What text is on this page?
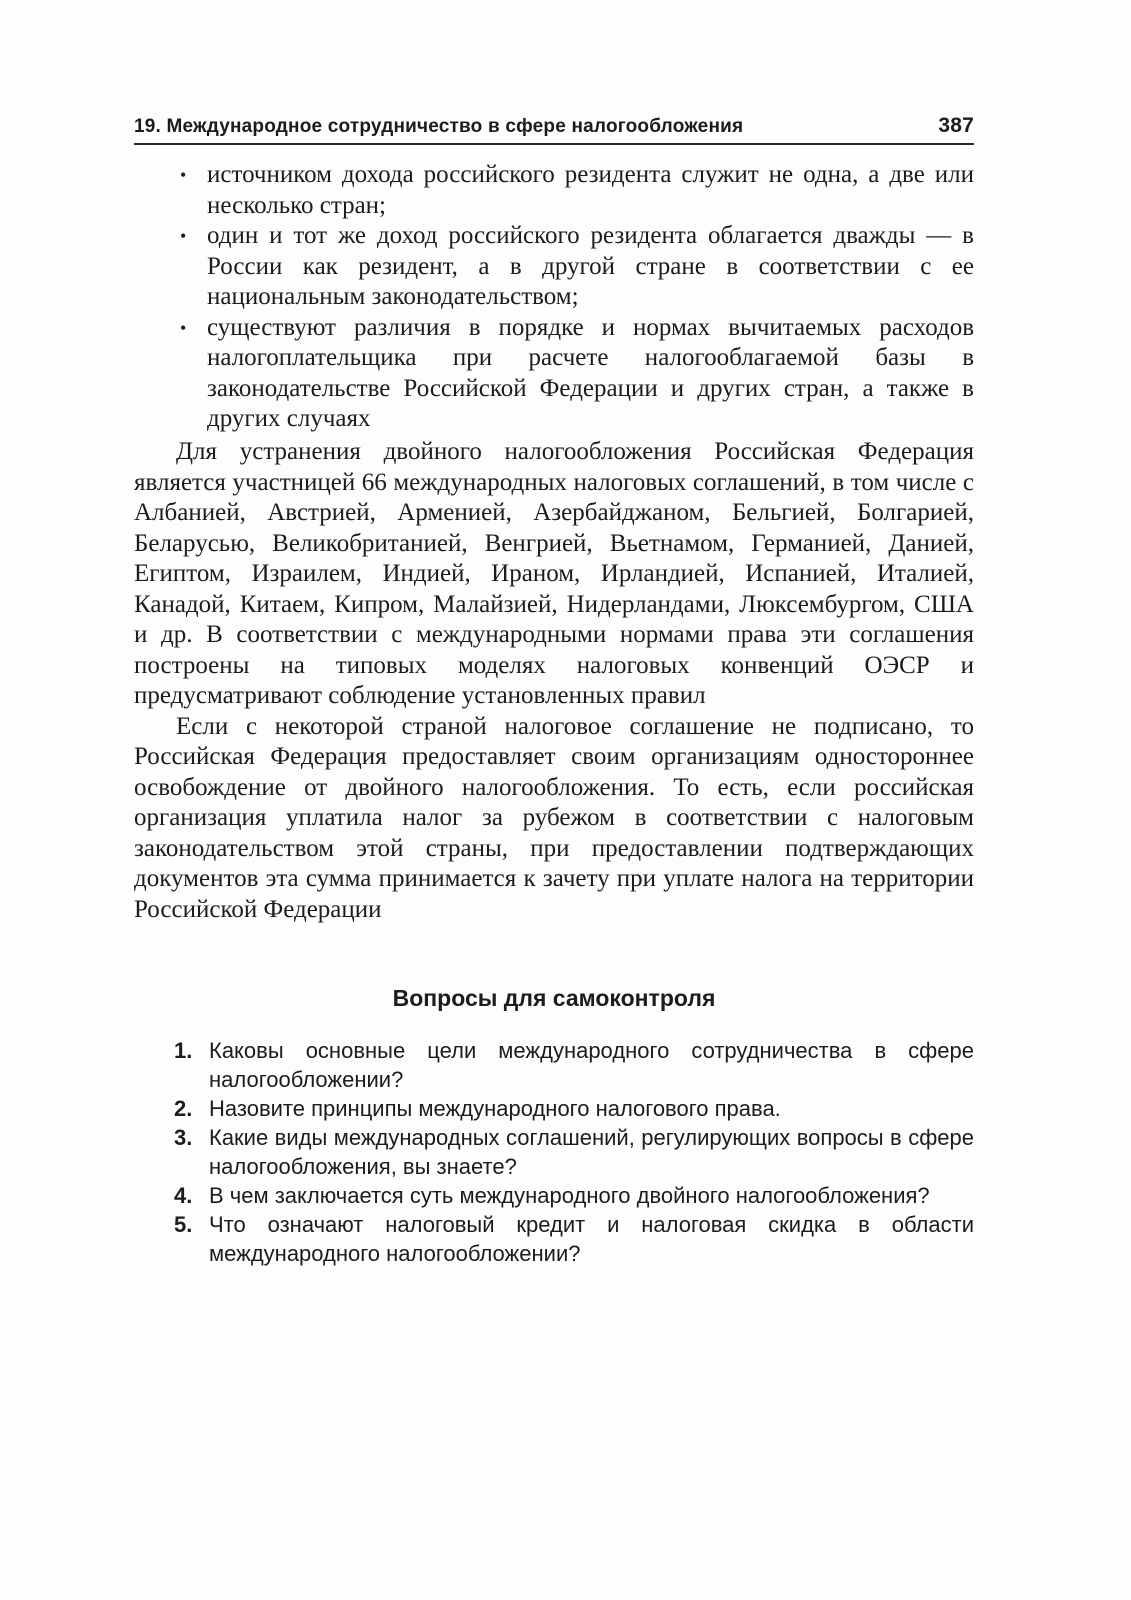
19. Международное сотрудничество в сфере налогообложения	387
• источником дохода российского резидента служит не одна, а две или несколько стран;
• один и тот же доход российского резидента облагается дважды — в России как резидент, а в другой стране в соответствии с ее национальным законодательством;
• существуют различия в порядке и нормах вычитаемых расходов налогоплательщика при расчете налогооблагаемой базы в законодательстве Российской Федерации и других стран, а также в других случаях

Для устранения двойного налогообложения Российская Федерация является участницей 66 международных налоговых соглашений, в том числе с Албанией, Австрией, Арменией, Азербайджаном, Бельгией, Болгарией, Беларусью, Великобританией, Венгрией, Вьетнамом, Германией, Данией, Египтом, Израилем, Индией, Ираном, Ирландией, Испанией, Италией, Канадой, Китаем, Кипром, Малайзией, Нидерландами, Люксембургом, США и др. В соответствии с международными нормами права эти соглашения построены на типовых моделях налоговых конвенций ОЭСР и предусматривают соблюдение установленных правил

Если с некоторой страной налоговое соглашение не подписано, то Российская Федерация предоставляет своим организациям одностороннее освобождение от двойного налогообложения. То есть, если российская организация уплатила налог за рубежом в соответствии с налоговым законодательством этой страны, при предоставлении подтверждающих документов эта сумма принимается к зачету при уплате налога на территории Российской Федерации

Вопросы для самоконтроля
1. Каковы основные цели международного сотрудничества в сфере налогообложении?
2. Назовите принципы международного налогового права.
3. Какие виды международных соглашений, регулирующих вопросы в сфере налогообложения, вы знаете?
4. В чем заключается суть международного двойного налогообложения?
5. Что означают налоговый кредит и налоговая скидка в области международного налогообложении?
